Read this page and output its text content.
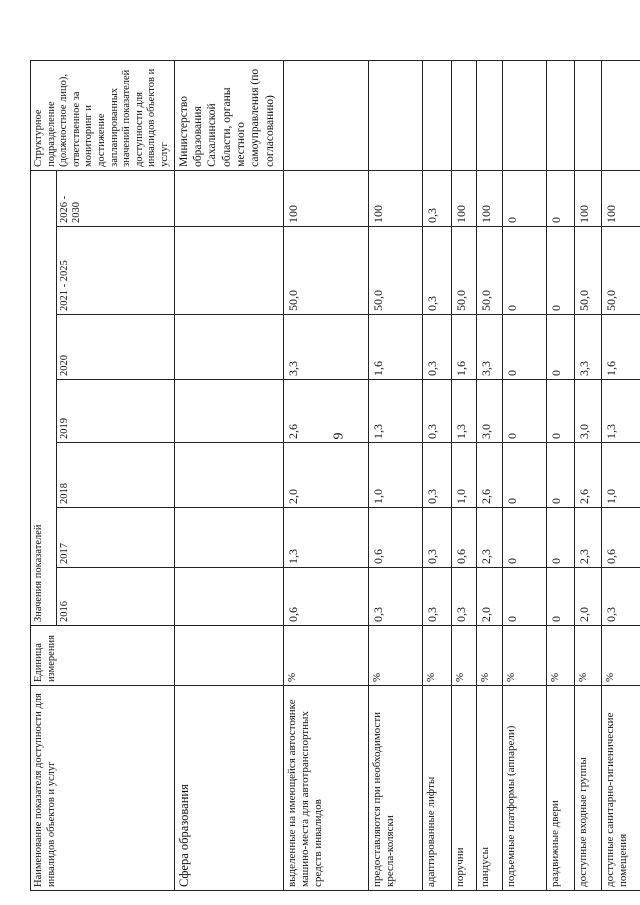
9
Наименование показателя доступности для инвалидов объектов и услуг	Единица измерения	Значения показателей							Структурное подразделение (должностное лицо), ответственное за мониторинг и достижение запланированных значений показателей доступности для инвалидов объектов и услуг
		2016	2017	2018	2019	2020	2021 - 2025	2026 - 2030	
Сфера образования									Министерство образования Сахалинской области, органы местного самоуправления (по согласованию)
выделенные на имеющейся автостоянке машино-места для автотранспортных средств инвалидов	%	0,6	1,3	2,0	2,6	3,3	50,0	100	
предоставляются при необходимости кресла-коляски	%	0,3	0,6	1,0	1,3	1,6	50,0	100	
адаптированные лифты	%	0,3	0,3	0,3	0,3	0,3	0,3	0,3	
поручни	%	0,3	0,6	1,0	1,3	1,6	50,0	100	
пандусы	%	2,0	2,3	2,6	3,0	3,3	50,0	100	
подъемные платформы (аппарели)	%	0	0	0	0	0	0	0	
раздвижные двери	%	0	0	0	0	0	0	0	
доступные входные группы	%	2,0	2,3	2,6	3,0	3,3	50,0	100	
доступные санитарно-гигиенические помещения	%	0,3	0,6	1,0	1,3	1,6	50,0	100	
